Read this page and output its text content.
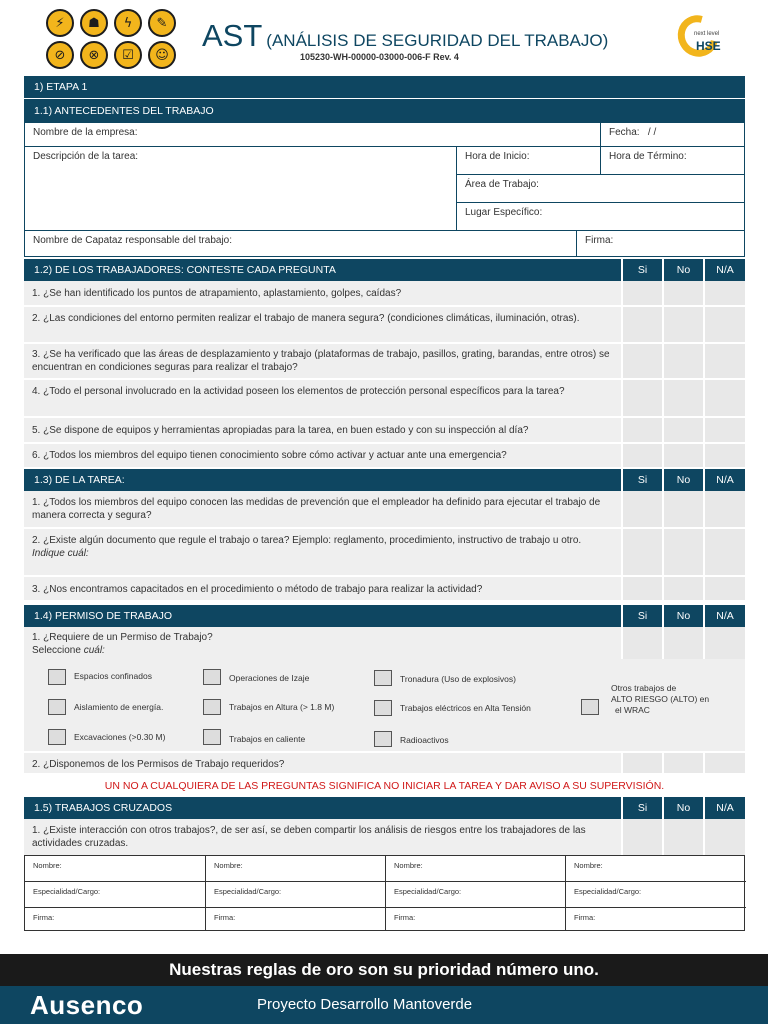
⚡	☗	ϟ	✎
⊘	⊗	☑	☺
AST (ANÁLISIS DE SEGURIDAD DEL TRABAJO)
105230-WH-00000-03000-006-F Rev. 4
next level
HSE
1) ETAPA 1
1.1) ANTECEDENTES DEL TRABAJO
Nombre de la empresa:	Fecha: / /
Descripción de la tarea:	Hora de Inicio:	Hora de Término:
Área de Trabajo:
Lugar Específico:
Nombre de Capataz responsable del trabajo:	Firma:
1.2) DE LOS TRABAJADORES: CONTESTE CADA PREGUNTA	Si	No	N/A
1. ¿Se han identificado los puntos de atrapamiento, aplastamiento, golpes, caídas?
2. ¿Las condiciones del entorno permiten realizar el trabajo de manera segura? (condiciones climáticas, iluminación, otras).
3. ¿Se ha verificado que las áreas de desplazamiento y trabajo (plataformas de trabajo, pasillos, grating, barandas, entre otros) se encuentran en condiciones seguras para realizar el trabajo?
4. ¿Todo el personal involucrado en la actividad poseen los elementos de protección personal específicos para la tarea?
5. ¿Se dispone de equipos y herramientas apropiadas para la tarea, en buen estado y con su inspección al día?
6. ¿Todos los miembros del equipo tienen conocimiento sobre cómo activar y actuar ante una emergencia?
1.3) DE LA TAREA:	Si	No	N/A
1. ¿Todos los miembros del equipo conocen las medidas de prevención que el empleador ha definido para ejecutar el trabajo de manera correcta y segura?
2. ¿Existe algún documento que regule el trabajo o tarea? Ejemplo: reglamento, procedimiento, instructivo de trabajo u otro.
Indique cuál:
3. ¿Nos encontramos capacitados en el procedimiento o método de trabajo para realizar la actividad?
1.4) PERMISO DE TRABAJO	Si	No	N/A
1. ¿Requiere de un Permiso de Trabajo?
Seleccione cuál:
Espacios confinados
Aislamiento de energía.
Excavaciones (>0.30 M)
Operaciones de Izaje
Trabajos en Altura (> 1.8 M)
Trabajos en caliente
Tronadura (Uso de explosivos)
Trabajos eléctricos en Alta Tensión
Radioactivos
Otros trabajos de
ALTO RIESGO (ALTO) en
el WRAC
2. ¿Disponemos de los Permisos de Trabajo requeridos?
UN NO A CUALQUIERA DE LAS PREGUNTAS SIGNIFICA NO INICIAR LA TAREA Y DAR AVISO A SU SUPERVISIÓN.
1.5) TRABAJOS CRUZADOS	Si	No	N/A
1. ¿Existe interacción con otros trabajos?, de ser así, se deben compartir los análisis de riesgos entre los trabajadores de las actividades cruzadas.
Nombre:	Nombre:	Nombre:	Nombre:
Especialidad/Cargo:	Especialidad/Cargo:	Especialidad/Cargo:	Especialidad/Cargo:
Firma:	Firma:	Firma:	Firma:
Nuestras reglas de oro son su prioridad número uno.
Ausenco	Proyecto Desarrollo Mantoverde
